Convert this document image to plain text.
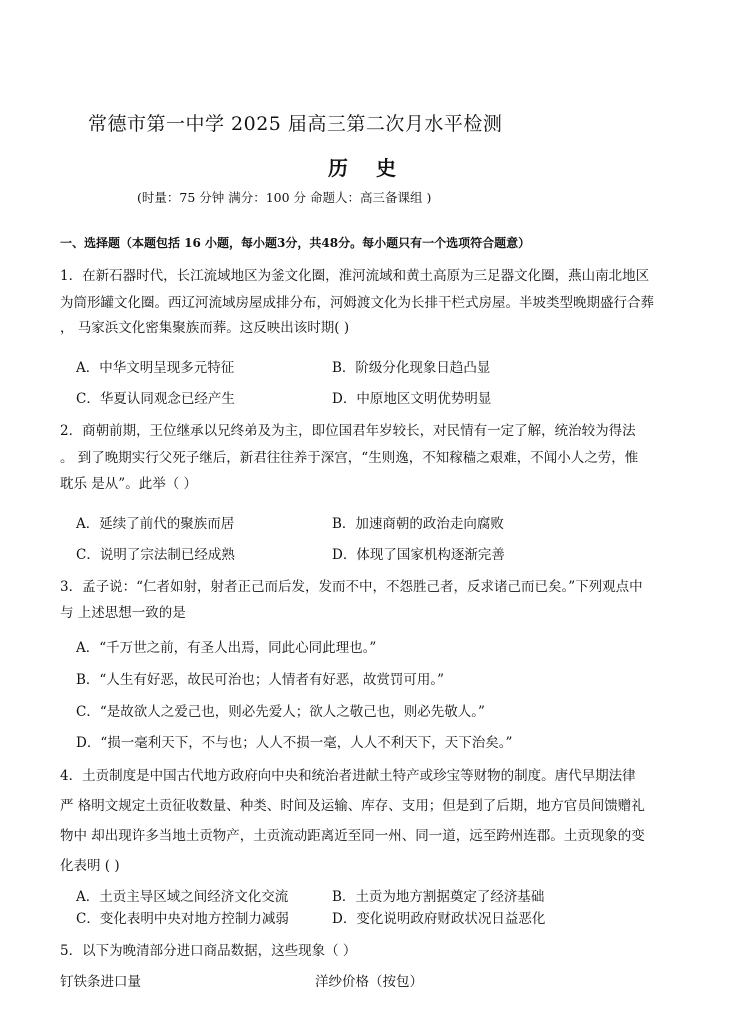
常德市第一中学 2025 届高三第二次月水平检测
历史
(时量：75 分钟 满分：100 分 命题人：高三备课组 )
一、选择题（本题包括 16 小题，每小题3分，共48分。每小题只有一个选项符合题意）
1．在新石器时代，长江流域地区为釜文化圈，淮河流域和黄土高原为三足器文化圈，燕山南北地区
为筒形罐文化圈。西辽河流域房屋成排分布，河姆渡文化为长排干栏式房屋。半坡类型晚期盛行合葬
， 马家浜文化密集聚族而葬。这反映出该时期( )
A．中华文明呈现多元特征	B．阶级分化现象日趋凸显
C．华夏认同观念已经产生	D．中原地区文明优势明显
2．商朝前期，王位继承以兄终弟及为主，即位国君年岁较长，对民情有一定了解，统治较为得法
。 到了晚期实行父死子继后，新君往往养于深宫，“生则逸，不知稼穑之艰难，不闻小人之劳，惟
耽乐 是从”。此举（ ）
A．延续了前代的聚族而居	B．加速商朝的政治走向腐败
C．说明了宗法制已经成熟	D．体现了国家机构逐渐完善
3．孟子说：“仁者如射，射者正己而后发，发而不中，不怨胜己者，反求诸己而已矣。”下列观点中
与 上述思想一致的是
A．“千万世之前，有圣人出焉，同此心同此理也。”
B．“人生有好恶，故民可治也；人情者有好恶，故赏罚可用。”
C．“是故欲人之爱己也，则必先爱人；欲人之敬己也，则必先敬人。”
D．“损一毫利天下，不与也；人人不损一毫，人人不利天下，天下治矣。”
4．土贡制度是中国古代地方政府向中央和统治者进献土特产或珍宝等财物的制度。唐代早期法律
严 格明文规定土贡征收数量、种类、时间及运输、库存、支用；但是到了后期，地方官员间馈赠礼
物中 却出现许多当地土贡物产，土贡流动距离近至同一州、同一道，远至跨州连郡。土贡现象的变
化表明 ( )
A．土贡主导区域之间经济文化交流	B．土贡为地方割据奠定了经济基础
C．变化表明中央对地方控制力减弱	D．变化说明政府财政状况日益恶化
5．以下为晚清部分进口商品数据，这些现象（ ）
钉铁条进口量	洋纱价格（按包）
